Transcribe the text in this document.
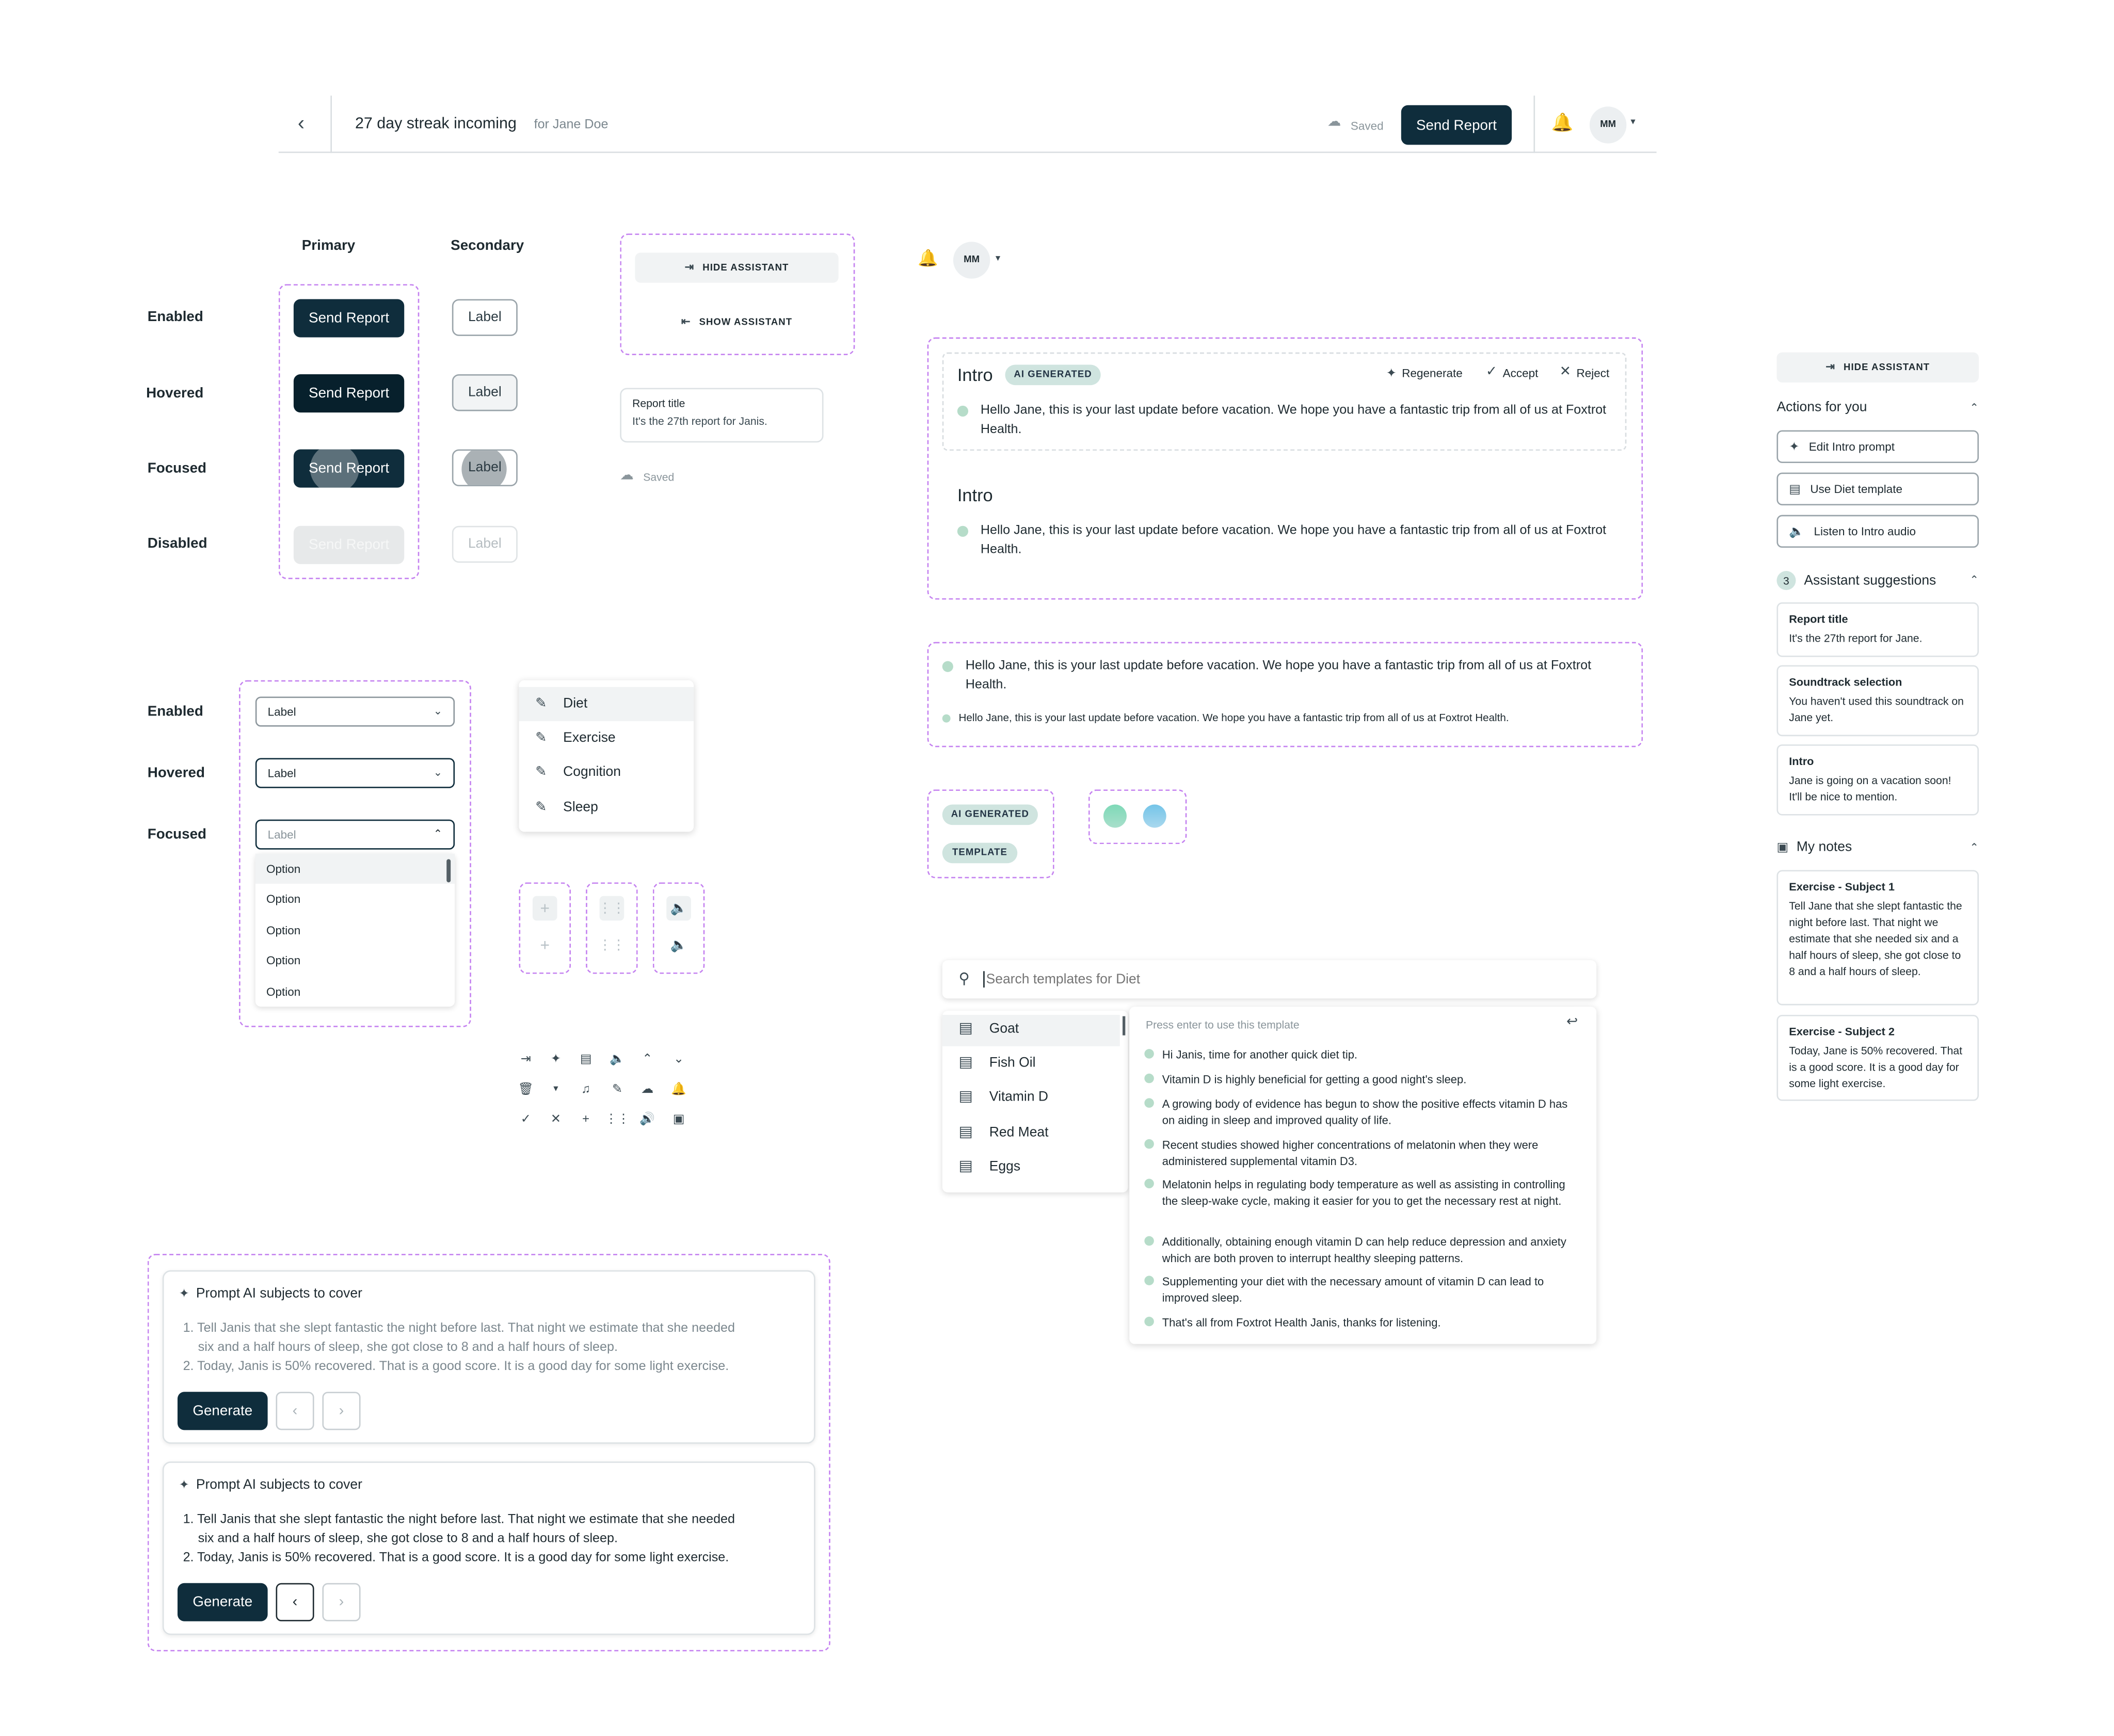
‹	27 day streak incoming	for Jane Doe	☁ Saved	Send Report	🔔	MM	▾
Primary	Secondary
Enabled
Hovered
Focused
Disabled
Send Report
Send Report
Send Report
Send Report
Label
Label
Label
Label
⇥ HIDE ASSISTANT
⇤ SHOW ASSISTANT
Report title
It's the 27th report for Janis.
☁ Saved
🔔	MM	▾
Intro	AI GENERATED	✦ Regenerate	✓ Accept	✕ Reject
Hello Jane, this is your last update before vacation. We hope you have a fantastic trip from all of us at Foxtrot Health.
Intro
Hello Jane, this is your last update before vacation. We hope you have a fantastic trip from all of us at Foxtrot Health.
Hello Jane, this is your last update before vacation. We hope you have a fantastic trip from all of us at Foxtrot Health.
Hello Jane, this is your last update before vacation. We hope you have a fantastic trip from all of us at Foxtrot Health.
AI GENERATED
TEMPLATE
Enabled
Hovered
Focused
Label	⌄
Label	⌄
Label	⌃
Option
Option
Option
Option
Option
✎	Diet
✎	Exercise
✎	Cognition
✎	Sleep
+
+
⋮⋮
⋮⋮
🔈
🔈
⇥	✦	▤	🔈	⌃	⌄
🗑	▾	♫	✎	☁	🔔
✓	✕	+	⋮⋮	🔊	▣
⚲
Search templates for Diet
▤	Goat
▤	Fish Oil
▤	Vitamin D
▤	Red Meat
▤	Eggs
Press enter to use this template	↩
Hi Janis, time for another quick diet tip.
Vitamin D is highly beneficial for getting a good night's sleep.
A growing body of evidence has begun to show the positive effects vitamin D has on aiding in sleep and improved quality of life.
Recent studies showed higher concentrations of melatonin when they were administered supplemental vitamin D3.
Melatonin helps in regulating body temperature as well as assisting in controlling the sleep-wake cycle, making it easier for you to get the necessary rest at night.
Additionally, obtaining enough vitamin D can help reduce depression and anxiety which are both proven to interrupt healthy sleeping patterns.
Supplementing your diet with the necessary amount of vitamin D can lead to improved sleep.
That's all from Foxtrot Health Janis, thanks for listening.
✦ Prompt AI subjects to cover
1. Tell Janis that she slept fantastic the night before last. That night we estimate that she needed
six and a half hours of sleep, she got close to 8 and a half hours of sleep.
2. Today, Janis is 50% recovered. That is a good score. It is a good day for some light exercise.
Generate	‹	›
✦ Prompt AI subjects to cover
1. Tell Janis that she slept fantastic the night before last. That night we estimate that she needed
six and a half hours of sleep, she got close to 8 and a half hours of sleep.
2. Today, Janis is 50% recovered. That is a good score. It is a good day for some light exercise.
Generate	‹	›
⇥ HIDE ASSISTANT
Actions for you	⌃
✦ Edit Intro prompt
▤ Use Diet template
🔈 Listen to Intro audio
3	Assistant suggestions	⌃
Report title
It's the 27th report for Jane.
Soundtrack selection
You haven't used this soundtrack on Jane yet.
Intro
Jane is going on a vacation soon! It'll be nice to mention.
▣ My notes	⌃
Exercise - Subject 1
Tell Jane that she slept fantastic the night before last. That night we estimate that she needed six and a half hours of sleep, she got close to 8 and a half hours of sleep.
Exercise - Subject 2
Today, Jane is 50% recovered. That is a good score. It is a good day for some light exercise.
